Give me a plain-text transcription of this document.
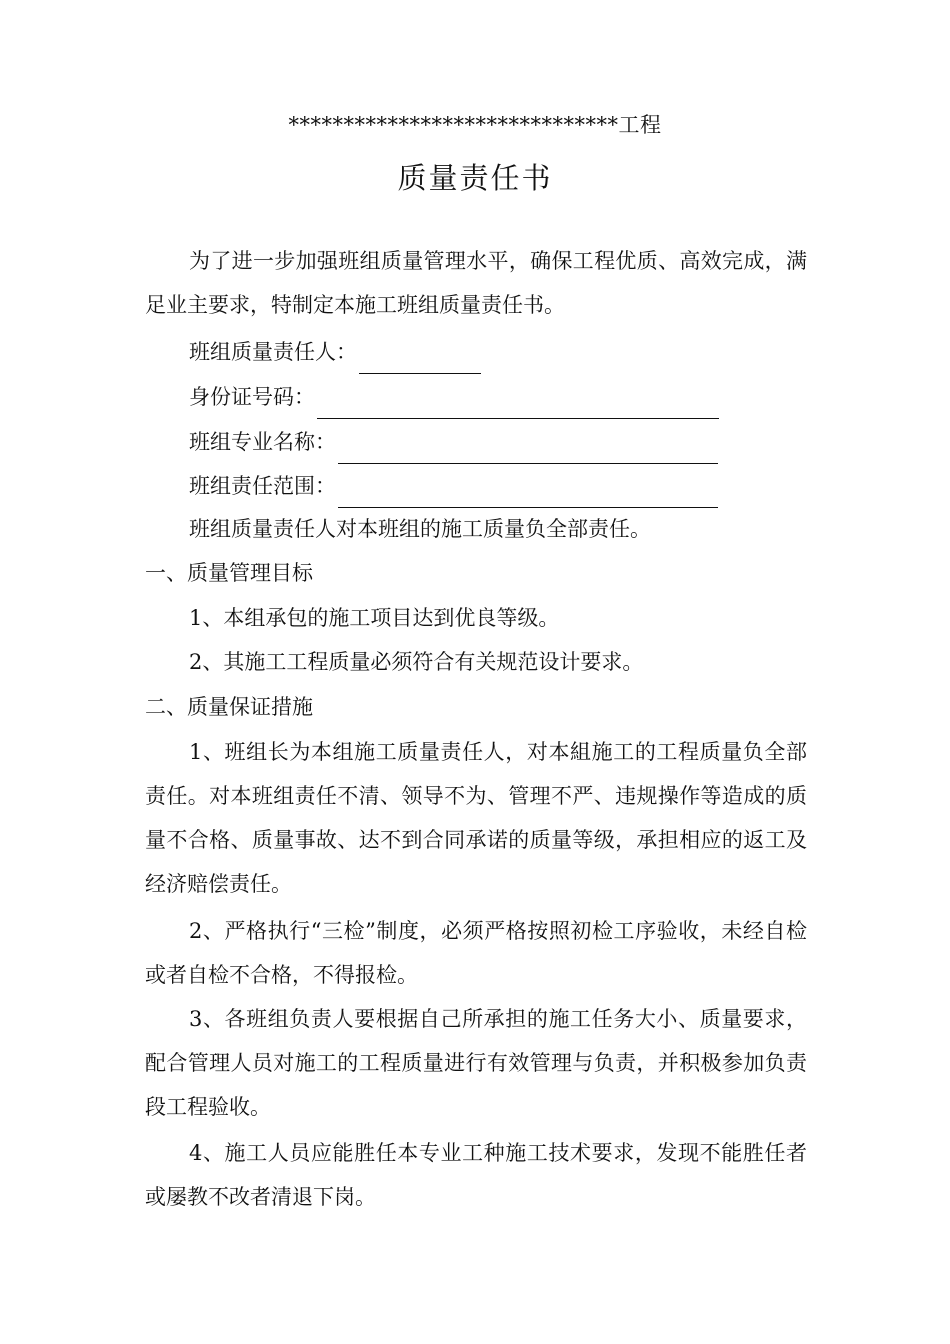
******************************工程
质量责任书

为了进一步加强班组质量管理水平，确保工程优质、高效完成，满足业主要求，特制定本施工班组质量责任书。

班组质量责任人：
身份证号码：
班组专业名称：
班组责任范围：
班组质量责任人对本班组的施工质量负全部责任。
一、质量管理目标
1、本组承包的施工项目达到优良等级。
2、其施工工程质量必须符合有关规范设计要求。
二、质量保证措施

1、班组长为本组施工质量责任人，对本組施工的工程质量负全部责任。对本班组责任不清、领导不为、管理不严、违规操作等造成的质量不合格、质量事故、达不到合同承诺的质量等级，承担相应的返工及经济赔偿责任。

2、严格执行“三检”制度，必须严格按照初检工序验收，未经自检或者自检不合格，不得报检。

3、各班组负责人要根据自己所承担的施工任务大小、质量要求，配合管理人员对施工的工程质量进行有效管理与负责，并积极参加负责段工程验收。

4、施工人员应能胜任本专业工种施工技术要求，发现不能胜任者或屡教不改者清退下岗。
